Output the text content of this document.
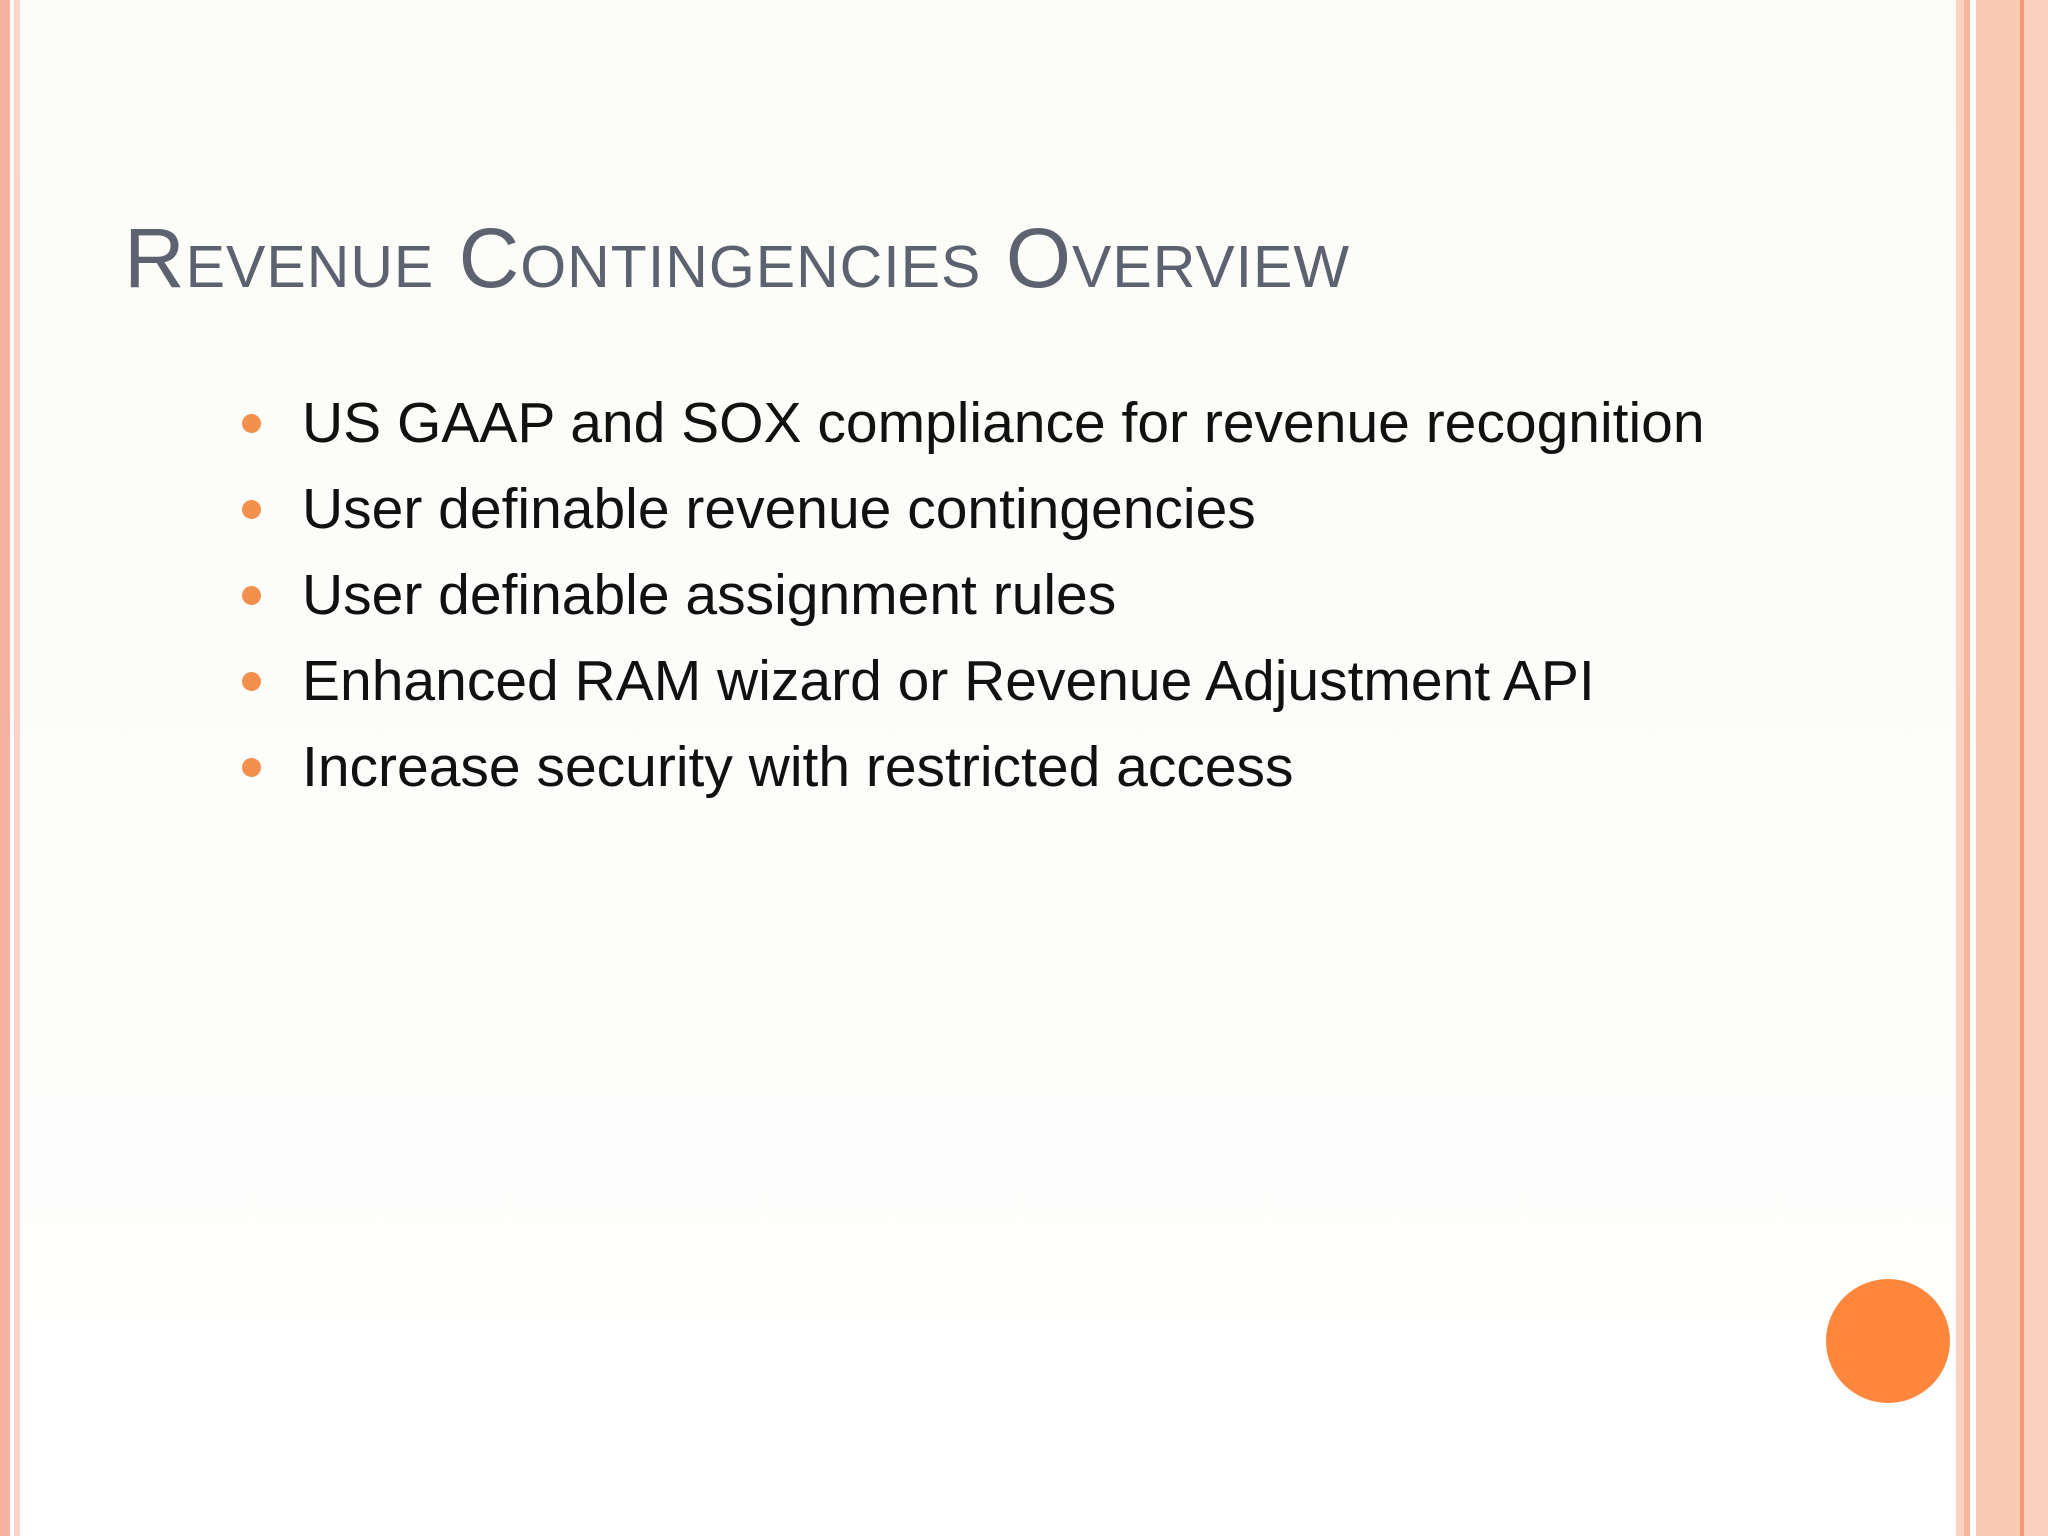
Revenue Contingencies Overview
US GAAP and SOX compliance for revenue recognition
User definable revenue contingencies
User definable assignment rules
Enhanced RAM wizard or Revenue Adjustment API
Increase security with restricted access
